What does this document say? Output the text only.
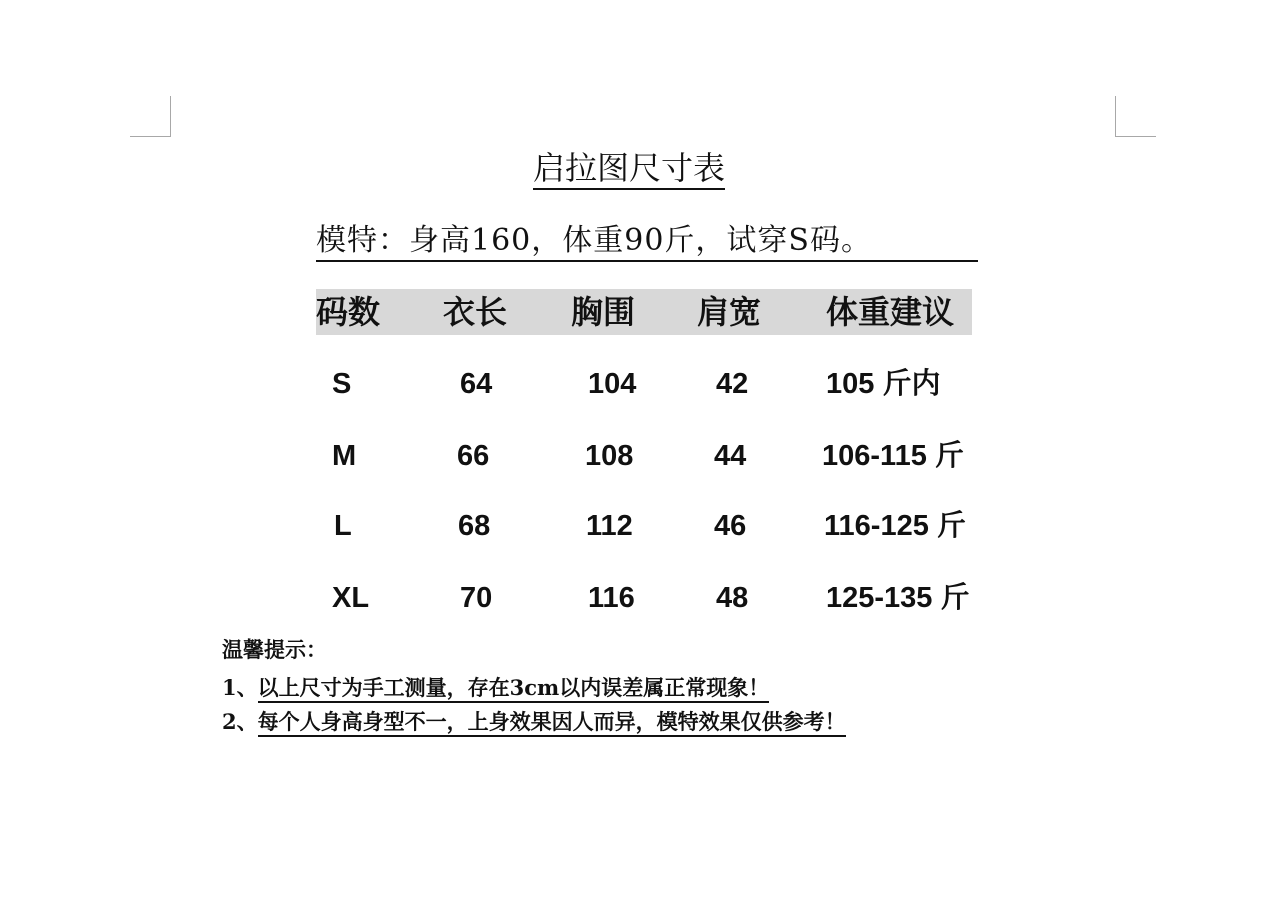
启拉图尺寸表
模特：身高160，体重90斤，试穿S码。
码数 衣长 胸围 肩宽 体重建议
S	64	104	42	105 斤内
M	66	108	44	106-115 斤
L	68	112	46	116-125 斤
XL	70	116	48	125-135 斤
温馨提示：
1、以上尺寸为手工测量，存在3cm以内误差属正常现象！
2、每个人身高身型不一，上身效果因人而异，模特效果仅供参考！
